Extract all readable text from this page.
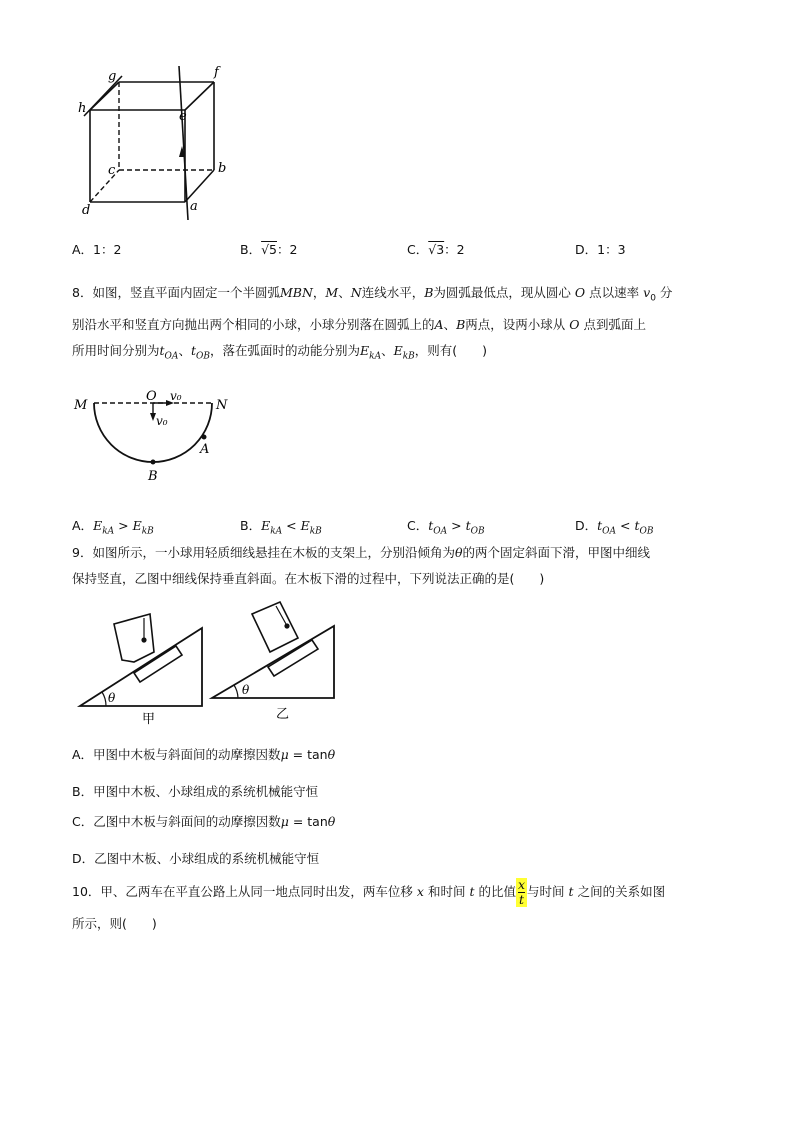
g	f
h
e
c	b
d	a
A．1：2	B．√5：2	C．√3：2	D．1：3
8．如图，竖直平面内固定一个半圆弧MBN，M、N连线水平，B为圆弧最低点，现从圆心 O 点以速率 $v_0$ 分
别沿水平和竖直方向抛出两个相同的小球，小球分别落在圆弧上的A、B两点，设两小球从 O 点到弧面上
所用时间分别为$t_{OA}$、$t_{OB}$，落在弧面时的动能分别为$E_{kA}$、$E_{kB}$，则有(　　)
M
O v₀
N
v₀
A
B
A．$E_{kA} > E_{kB}$	B．$E_{kA} < E_{kB}$	C．$t_{OA} > t_{OB}$	D．$t_{OA} < t_{OB}$
9．如图所示，一小球用轻质细线悬挂在木板的支架上，分别沿倾角为θ的两个固定斜面下滑，甲图中细线
保持竖直，乙图中细线保持垂直斜面。在木板下滑的过程中，下列说法正确的是(　　)
θ
甲
θ
乙
A．甲图中木板与斜面间的动摩擦因数μ = tanθ
B．甲图中木板、小球组成的系统机械能守恒
C．乙图中木板与斜面间的动摩擦因数μ = tanθ
D．乙图中木板、小球组成的系统机械能守恒
10．甲、乙两车在平直公路上从同一地点同时出发，两车位移 x 和时间 t 的比值 $\frac{x}{t}$ 与时间 t 之间的关系如图
所示，则(　　)
